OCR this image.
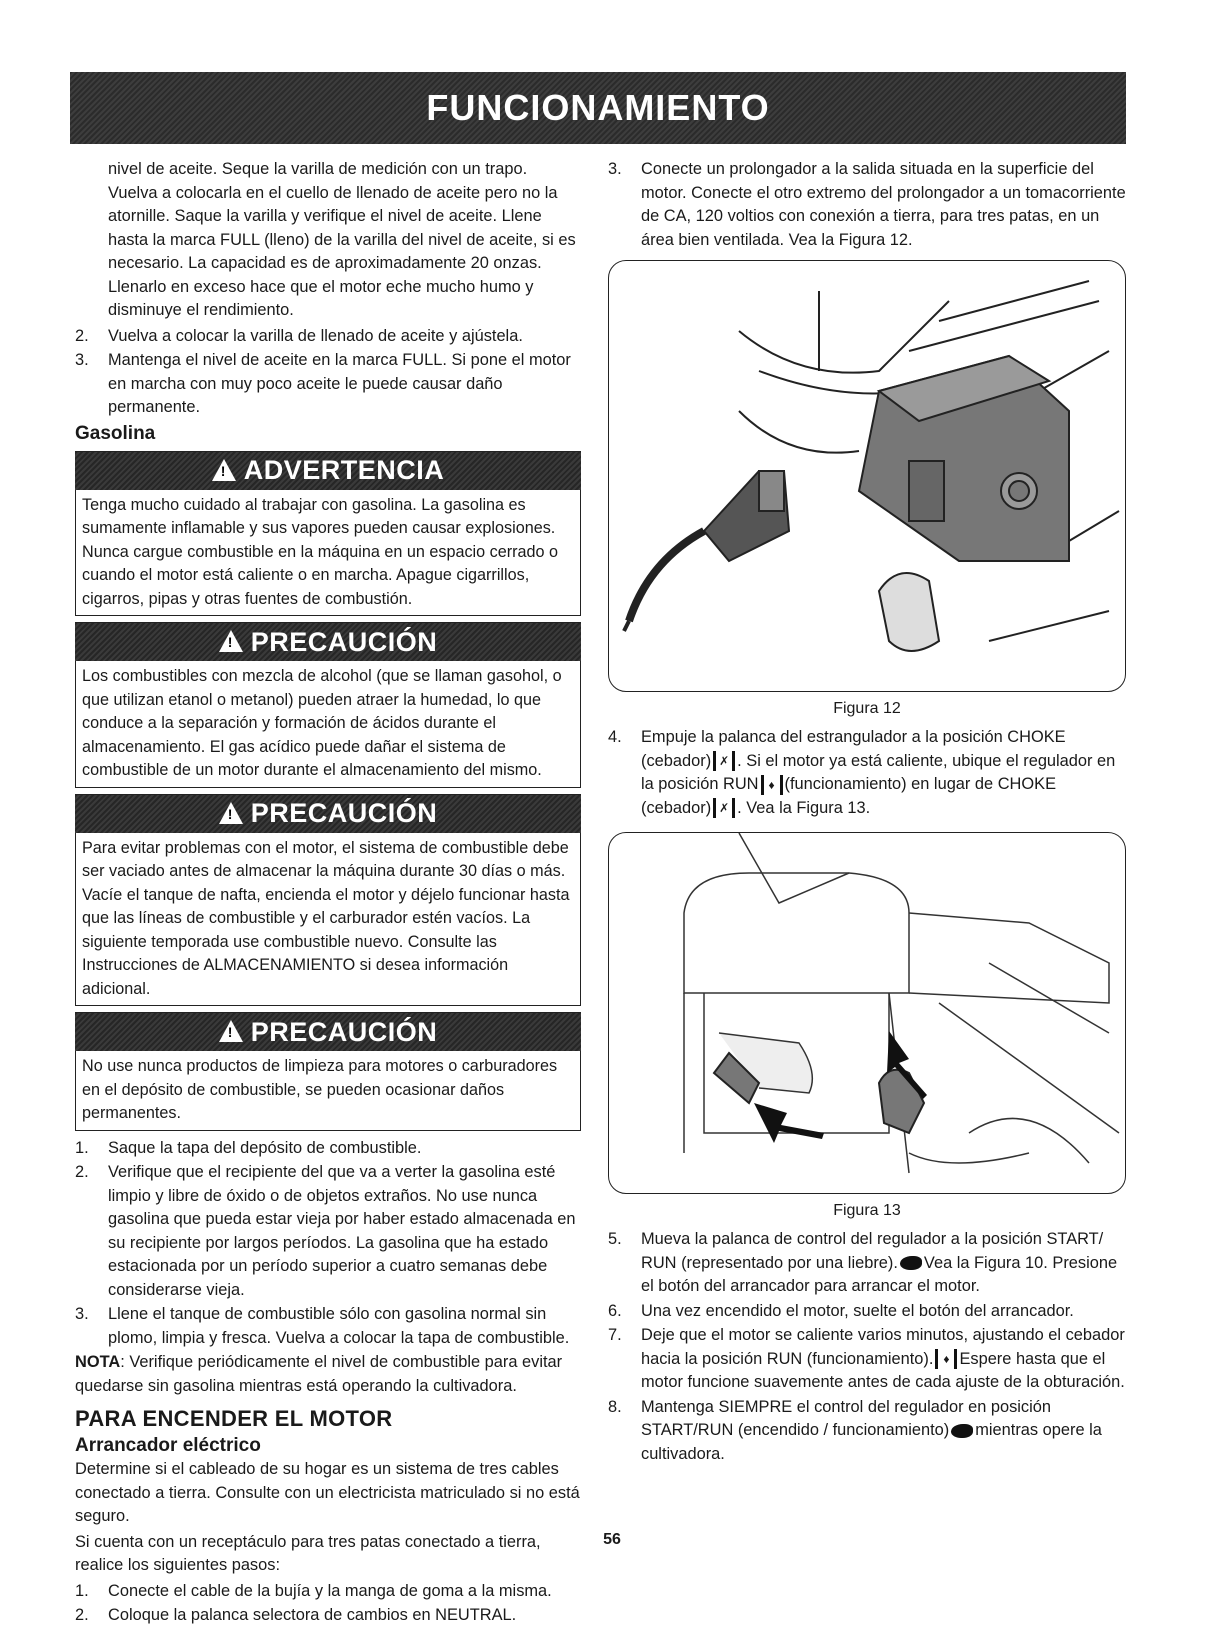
FUNCIONAMIENTO

nivel de aceite. Seque la varilla de medición con un trapo. Vuelva a colocarla en el cuello de llenado de aceite pero no la atornille. Saque la varilla y verifique el nivel de aceite. Llene hasta la marca FULL (lleno) de la varilla del nivel de aceite, si es necesario. La capacidad es de aproximadamente 20 onzas. Llenarlo en exceso hace que el motor eche mucho humo y disminuye el rendimiento.

2. Vuelva a colocar la varilla de llenado de aceite y ajústela.
3. Mantenga el nivel de aceite en la marca FULL. Si pone el motor en marcha con muy poco aceite le puede causar daño permanente.
Gasolina
!
ADVERTENCIA

Tenga mucho cuidado al trabajar con gasolina. La gasolina es sumamente inflamable y sus vapores pueden causar explosiones. Nunca cargue combustible en la máquina en un espacio cerrado o cuando el motor está caliente o en marcha. Apague cigarrillos, cigarros, pipas y otras fuentes de combustión.

!
PRECAUCIÓN

Los combustibles con mezcla de alcohol (que se llaman gasohol, o que utilizan etanol o metanol) pueden atraer la humedad, lo que conduce a la separación y formación de ácidos durante el almacenamiento. El gas acídico puede dañar el sistema de combustible de un motor durante el almacenamiento del mismo.

!
PRECAUCIÓN

Para evitar problemas con el motor, el sistema de combustible debe ser vaciado antes de almacenar la máquina durante 30 días o más. Vacíe el tanque de nafta, encienda el motor y déjelo funcionar hasta que las líneas de combustible y el carburador estén vacíos. La siguiente temporada use combustible nuevo. Consulte las Instrucciones de ALMACENAMIENTO si desea información adicional.

!
PRECAUCIÓN

No use nunca productos de limpieza para motores o carburadores en el depósito de combustible, se pueden ocasionar daños permanentes.

1. Saque la tapa del depósito de combustible.
2. Verifique que el recipiente del que va a verter la gasolina esté limpio y libre de óxido o de objetos extraños. No use nunca gasolina que pueda estar vieja por haber estado almacenada en su recipiente por largos períodos. La gasolina que ha estado estacionada por un período superior a cuatro semanas debe considerarse vieja.
3. Llene el tanque de combustible sólo con gasolina normal sin plomo, limpia y fresca. Vuelva a colocar la tapa de combustible.

NOTA: Verifique periódicamente el nivel de combustible para evitar quedarse sin gasolina mientras está operando la cultivadora.

PARA ENCENDER EL MOTOR
Arrancador eléctrico

Determine si el cableado de su hogar es un sistema de tres cables conectado a tierra. Consulte con un electricista matriculado si no está seguro.

Si cuenta con un receptáculo para tres patas conectado a tierra, realice los siguientes pasos:

1. Conecte el cable de la bujía y la manga de goma a la misma.
2. Coloque la palanca selectora de cambios en NEUTRAL.
3. Conecte un prolongador a la salida situada en la superficie del motor. Conecte el otro extremo del prolongador a un tomacorriente de CA, 120 voltios con conexión a tierra, para tres patas, en un área bien ventilada. Vea la Figura 12.
Figura 12
4. Empuje la palanca del estrangulador a la posición CHOKE (cebador) ✗ . Si el motor ya está caliente, ubique el regulador en la posición RUN ♦ (funcionamiento) en lugar de CHOKE (cebador) ✗ . Vea la Figura 13.
Figura 13
5. Mueva la palanca de control del regulador a la posición START/ RUN (representado por una liebre). Vea la Figura 10. Presione el botón del arrancador para arrancar el motor.
6. Una vez encendido el motor, suelte el botón del arrancador.
7. Deje que el motor se caliente varios minutos, ajustando el cebador hacia la posición RUN (funcionamiento). ♦ Espere hasta que el motor funcione suavemente antes de cada ajuste de la obturación.
8. Mantenga SIEMPRE el control del regulador en posición START/RUN (encendido / funcionamiento) mientras opere la cultivadora.
56
